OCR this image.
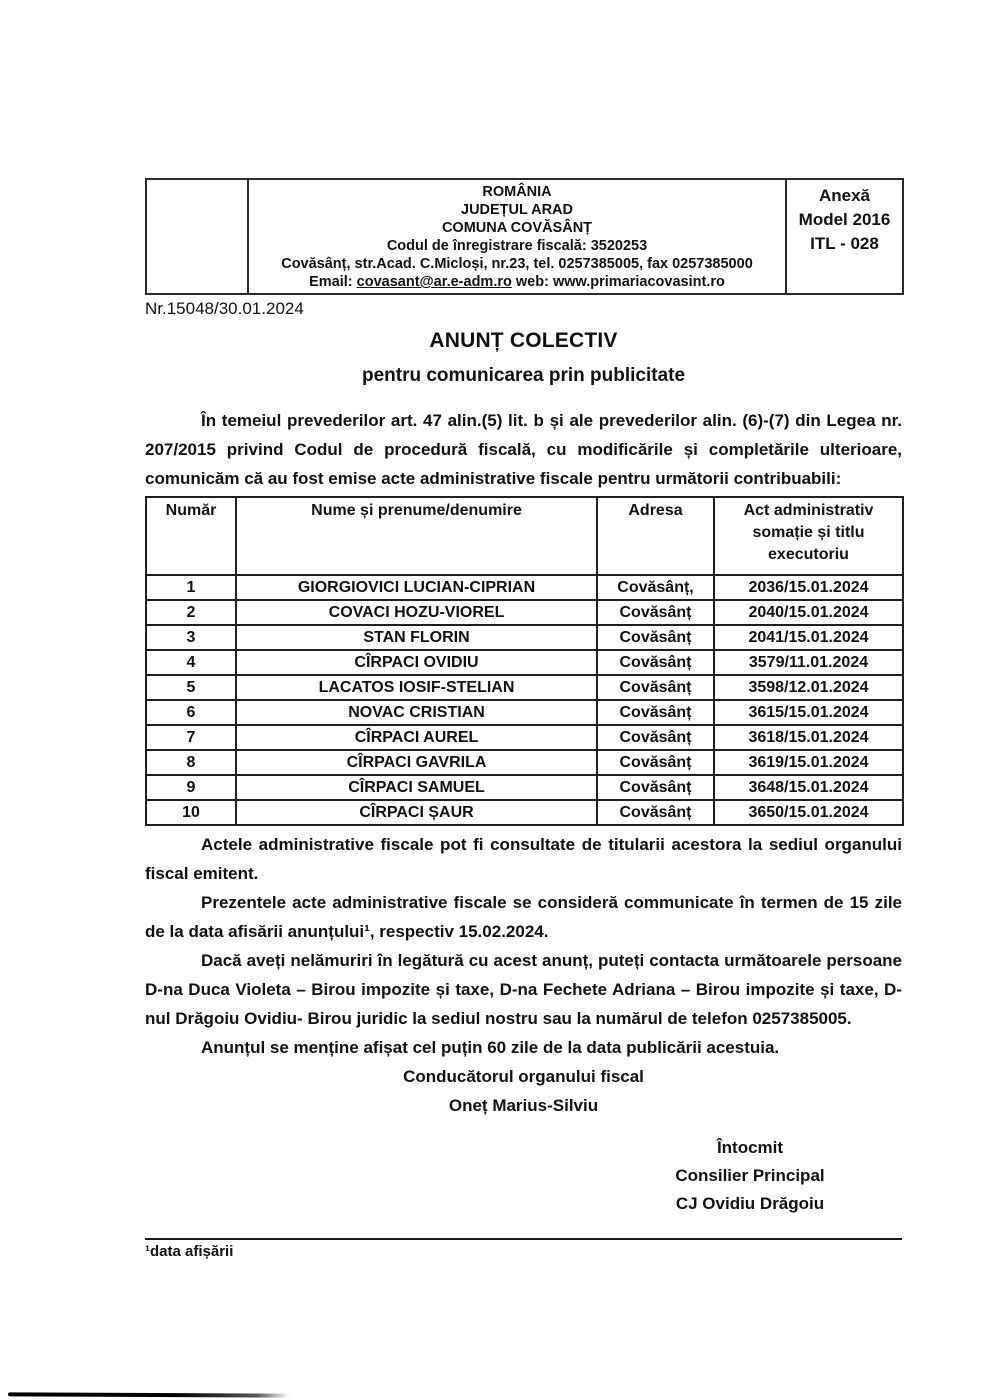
ROMÂNIA
JUDEȚUL ARAD
COMUNA COVĂSÂNȚ
Codul de înregistrare fiscală: 3520253
Covăsânț, str.Acad. C.Micloși, nr.23, tel. 0257385005, fax 0257385000
Email: covasant@ar.e-adm.ro web: www.primariacovasint.ro

Anexă
Model 2016
ITL - 028
Nr.15048/30.01.2024
ANUNȚ COLECTIV
pentru comunicarea prin publicitate

În temeiul prevederilor art. 47 alin.(5) lit. b și ale prevederilor alin. (6)-(7) din Legea nr. 207/2015 privind Codul de procedură fiscală, cu modificările și completările ulterioare, comunicăm că au fost emise acte administrative fiscale pentru următorii contribuabili:

Număr	Nume și prenume/denumire	Adresa	Act administrativ somație și titlu executoriu
1	GIORGIOVICI LUCIAN-CIPRIAN	Covăsânț,	2036/15.01.2024
2	COVACI HOZU-VIOREL	Covăsânț	2040/15.01.2024
3	STAN FLORIN	Covăsânț	2041/15.01.2024
4	CÎRPACI OVIDIU	Covăsânț	3579/11.01.2024
5	LACATOS IOSIF-STELIAN	Covăsânț	3598/12.01.2024
6	NOVAC CRISTIAN	Covăsânț	3615/15.01.2024
7	CÎRPACI AUREL	Covăsânț	3618/15.01.2024
8	CÎRPACI GAVRILA	Covăsânț	3619/15.01.2024
9	CÎRPACI SAMUEL	Covăsânț	3648/15.01.2024
10	CÎRPACI ȘAUR	Covăsânț	3650/15.01.2024

Actele administrative fiscale pot fi consultate de titularii acestora la sediul organului fiscal emitent.

Prezentele acte administrative fiscale se consideră communicate în termen de 15 zile de la data afisării anunțului¹, respectiv 15.02.2024.

Dacă aveți nelămuriri în legătură cu acest anunț, puteți contacta următoarele persoane D-na Duca Violeta – Birou impozite și taxe, D-na Fechete Adriana – Birou impozite și taxe, D-nul Drăgoiu Ovidiu- Birou juridic la sediul nostru sau la numărul de telefon 0257385005.

Anunțul se menține afișat cel puțin 60 zile de la data publicării acestuia.

Conducătorul organului fiscal
Oneț Marius-Silviu
Întocmit
Consilier Principal
CJ Ovidiu Drăgoiu
¹data afișării
